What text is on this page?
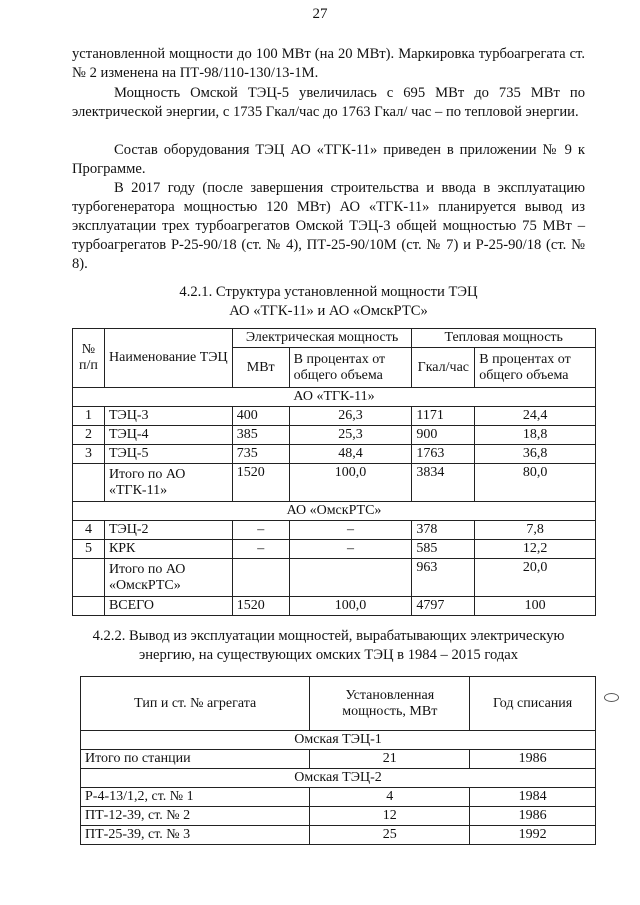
27

установленной мощности до 100 МВт (на 20 МВт). Маркировка турбоагрегата ст. № 2 изменена на ПТ-98/110-130/13-1М.

Мощность Омской ТЭЦ-5 увеличилась с 695 МВт до 735 МВт по электрической энергии, с 1735 Гкал/час до 1763 Гкал/ час – по тепловой энергии.

Состав оборудования ТЭЦ АО «ТГК-11» приведен в приложении № 9 к Программе.

В 2017 году (после завершения строительства и ввода в эксплуатацию турбогенератора мощностью 120 МВт) АО «ТГК-11» планируется вывод из эксплуатации трех турбоагрегатов Омской ТЭЦ-3 общей мощностью 75 МВт – турбоагрегатов Р-25-90/18 (ст. № 4), ПТ-25-90/10М (ст. № 7) и Р-25-90/18 (ст. № 8).

4.2.1. Структура установленной мощности ТЭЦ

АО «ТГК-11» и АО «ОмскРТС»

№ п/п	Наименование ТЭЦ	Электрическая мощность		Тепловая мощность	
		МВт	В процентах от общего объема	Гкал/час	В процентах от общего объема
АО «ТГК-11»					
1	ТЭЦ-3	400	26,3	1171	24,4
2	ТЭЦ-4	385	25,3	900	18,8
3	ТЭЦ-5	735	48,4	1763	36,8
	Итого по АО «ТГК-11»	1520	100,0	3834	80,0
АО «ОмскРТС»					
4	ТЭЦ-2	–	–	378	7,8
5	КРК	–	–	585	12,2
	Итого по АО «ОмскРТС»			963	20,0
	ВСЕГО	1520	100,0	4797	100

4.2.2. Вывод из эксплуатации мощностей, вырабатывающих электрическую

энергию, на существующих омских ТЭЦ в 1984 – 2015 годах

Тип и ст. № агрегата	Установленная мощность, МВт	Год списания
Омская ТЭЦ-1		
Итого по станции	21	1986
Омская ТЭЦ-2		
Р-4-13/1,2, ст. № 1	4	1984
ПТ-12-39, ст. № 2	12	1986
ПТ-25-39, ст. № 3	25	1992
